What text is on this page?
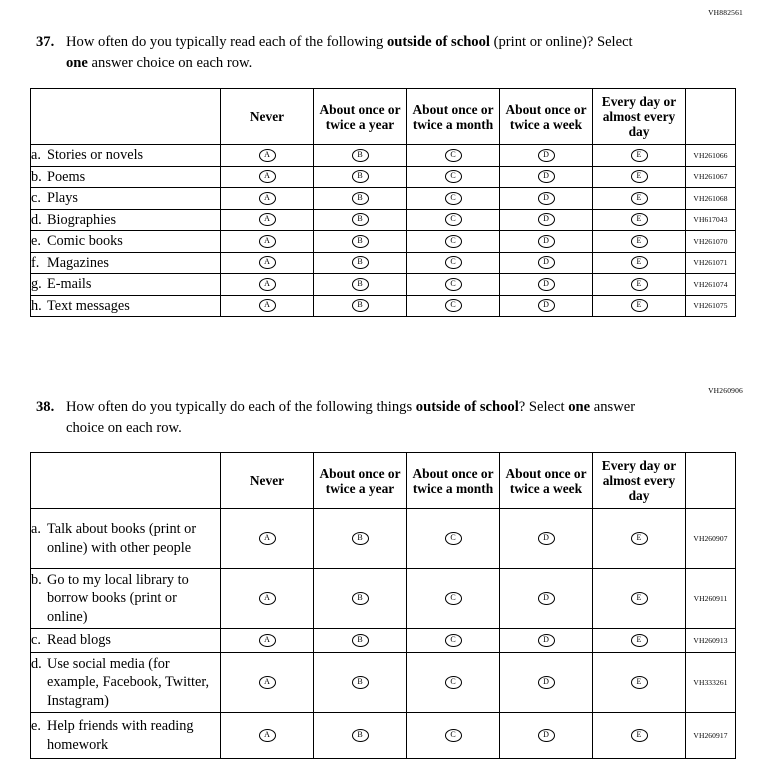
VH882561
37. How often do you typically read each of the following outside of school (print or online)? Select one answer choice on each row.
	Never	About once or twice a year	About once or twice a month	About once or twice a week	Every day or almost every day	
a. Stories or novels	A	B	C	D	E	VH261066
b. Poems	A	B	C	D	E	VH261067
c. Plays	A	B	C	D	E	VH261068
d. Biographies	A	B	C	D	E	VH617043
e. Comic books	A	B	C	D	E	VH261070
f. Magazines	A	B	C	D	E	VH261071
g. E-mails	A	B	C	D	E	VH261074
h. Text messages	A	B	C	D	E	VH261075
VH260906
38. How often do you typically do each of the following things outside of school? Select one answer choice on each row.
	Never	About once or twice a year	About once or twice a month	About once or twice a week	Every day or almost every day	
a. Talk about books (print or online) with other people	A	B	C	D	E	VH260907
b. Go to my local library to borrow books (print or online)	A	B	C	D	E	VH260911
c. Read blogs	A	B	C	D	E	VH260913
d. Use social media (for example, Facebook, Twitter, Instagram)	A	B	C	D	E	VH333261
e. Help friends with reading homework	A	B	C	D	E	VH260917
